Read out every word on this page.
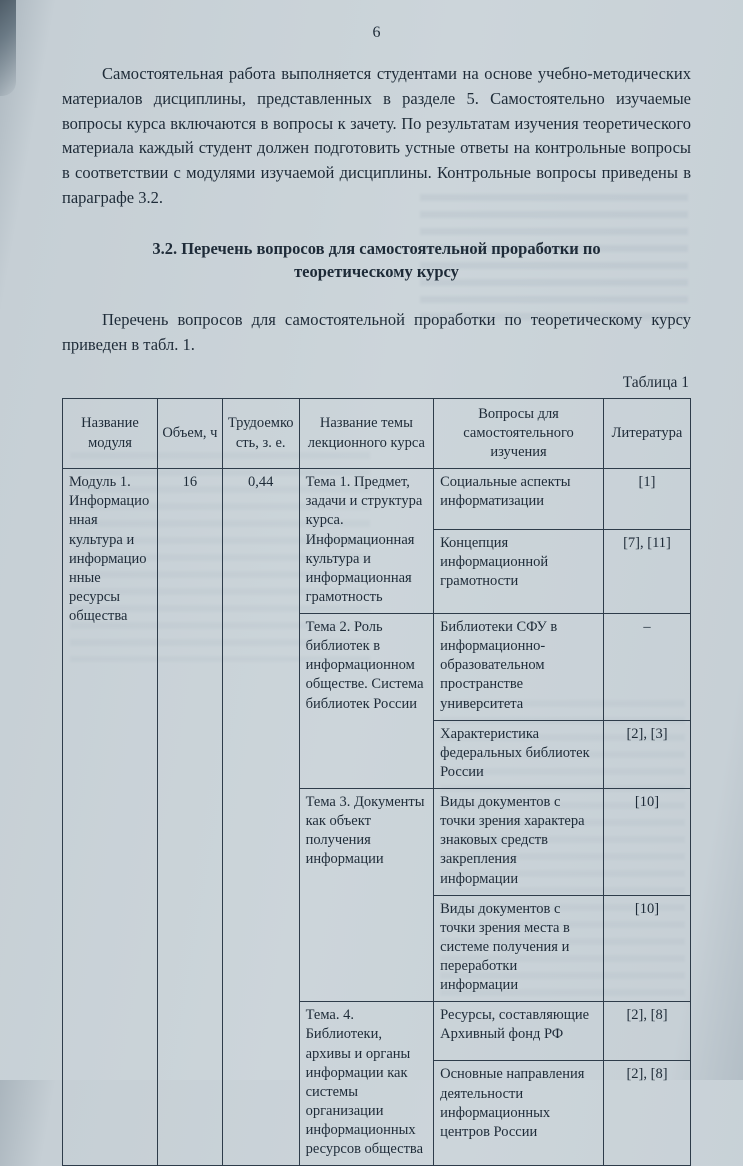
6

Самостоятельная работа выполняется студентами на основе учебно-методических материалов дисциплины, представленных в разделе 5. Самостоятельно изучаемые вопросы курса включаются в вопросы к зачету. По результатам изучения теоретического материала каждый студент должен подготовить устные ответы на контрольные вопросы в соответствии с модулями изучаемой дисциплины. Контрольные вопросы приведены в параграфе 3.2.

3.2. Перечень вопросов для самостоятельной проработки по теоретическому курсу

Перечень вопросов для самостоятельной проработки по теоретическому курсу приведен в табл. 1.

Таблица 1
Название модуля	Объем, ч	Трудоемкость, з. е.	Название темы лекционного курса	Вопросы для самостоятельного изучения	Литература
Модуль 1. Информационная культура и информационные ресурсы общества	16	0,44	Тема 1. Предмет, задачи и структура курса. Информационная культура и информационная грамотность	Социальные аспекты информатизации	[1]
				Концепция информационной грамотности	[7], [11]
			Тема 2. Роль библиотек в информационном обществе. Система библиотек России	Библиотеки СФУ в информационно-образовательном пространстве университета	–
				Характеристика федеральных библиотек России	[2], [3]
			Тема 3. Документы как объект получения информации	Виды документов с точки зрения характера знаковых средств закрепления информации	[10]
				Виды документов с точки зрения места в системе получения и переработки информации	[10]
			Тема. 4. Библиотеки, архивы и органы информации как системы организации информационных ресурсов общества	Ресурсы, составляющие Архивный фонд РФ	[2], [8]
				Основные направления деятельности информационных центров России	[2], [8]
